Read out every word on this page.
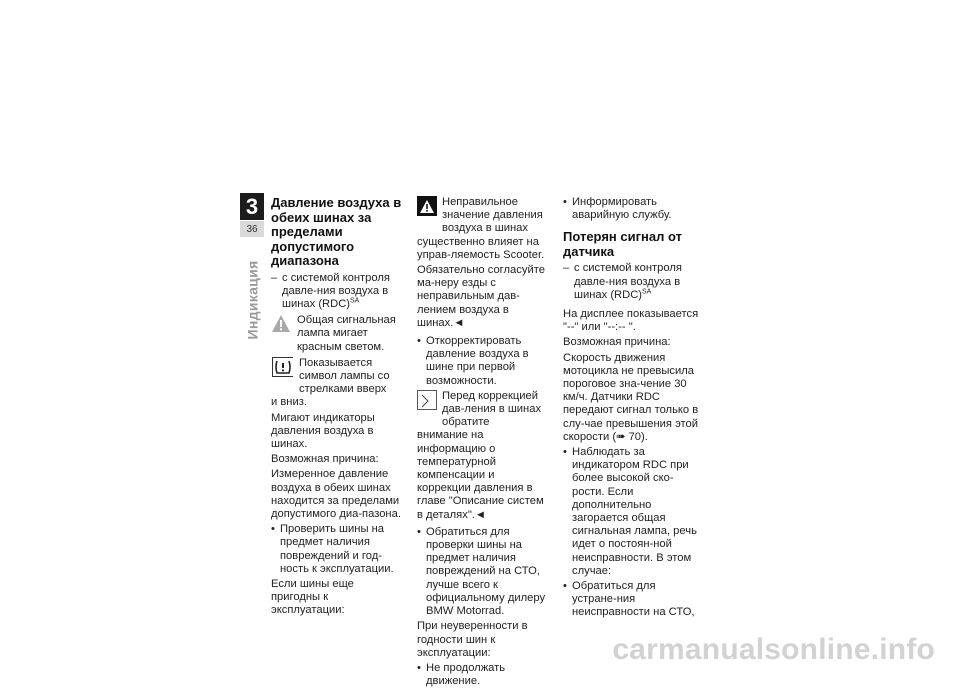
3
36
Индикация
Давление воздуха в обеих шинах за пределами допустимого диапазона
– с системой контроля давле-ния воздуха в шинах (RDC)$^{SA}$
Общая сигнальная лампа мигает красным светом.
Показывается символ лампы со стрелками вверх
и вниз.
Мигают индикаторы давления воздуха в шинах.
Возможная причина:
Измеренное давление воздуха в обеих шинах находится за пределами допустимого диа-пазона.
• Проверить шины на предмет наличия повреждений и год-ность к эксплуатации.
Если шины еще пригодны к эксплуатации:
Неправильное значение давления воздуха в шинах
существенно влияет на управ-ляемость Scooter.
Обязательно согласуйте ма-неру езды с неправильным дав-лением воздуха в шинах.◄
• Откорректировать давление воздуха в шине при первой возможности.
Перед коррекцией дав-ления в шинах обратите
внимание на информацию о температурной компенсации и коррекции давления в главе "Описание систем в деталях".◄
• Обратиться для проверки шины на предмет наличия повреждений на СТО, лучше всего к официальному дилеру BMW Motorrad.
При неуверенности в годности шин к эксплуатации:
• Не продолжать движение.
• Информировать аварийную службу.
Потерян сигнал от датчика
– с системой контроля давле-ния воздуха в шинах (RDC)$^{SA}$
На дисплее показывается "--" или "--:-- ".
Возможная причина:
Скорость движения мотоцикла не превысила пороговое зна-чение 30 км/ч. Датчики RDC передают сигнал только в слу-чае превышения этой скорости (➠ 70).
• Наблюдать за индикатором RDC при более высокой ско-рости. Если дополнительно загорается общая сигнальная лампа, речь идет о постоян-ной неисправности. В этом случае:
• Обратиться для устране-ния неисправности на СТО,
carmanualsonline.info
